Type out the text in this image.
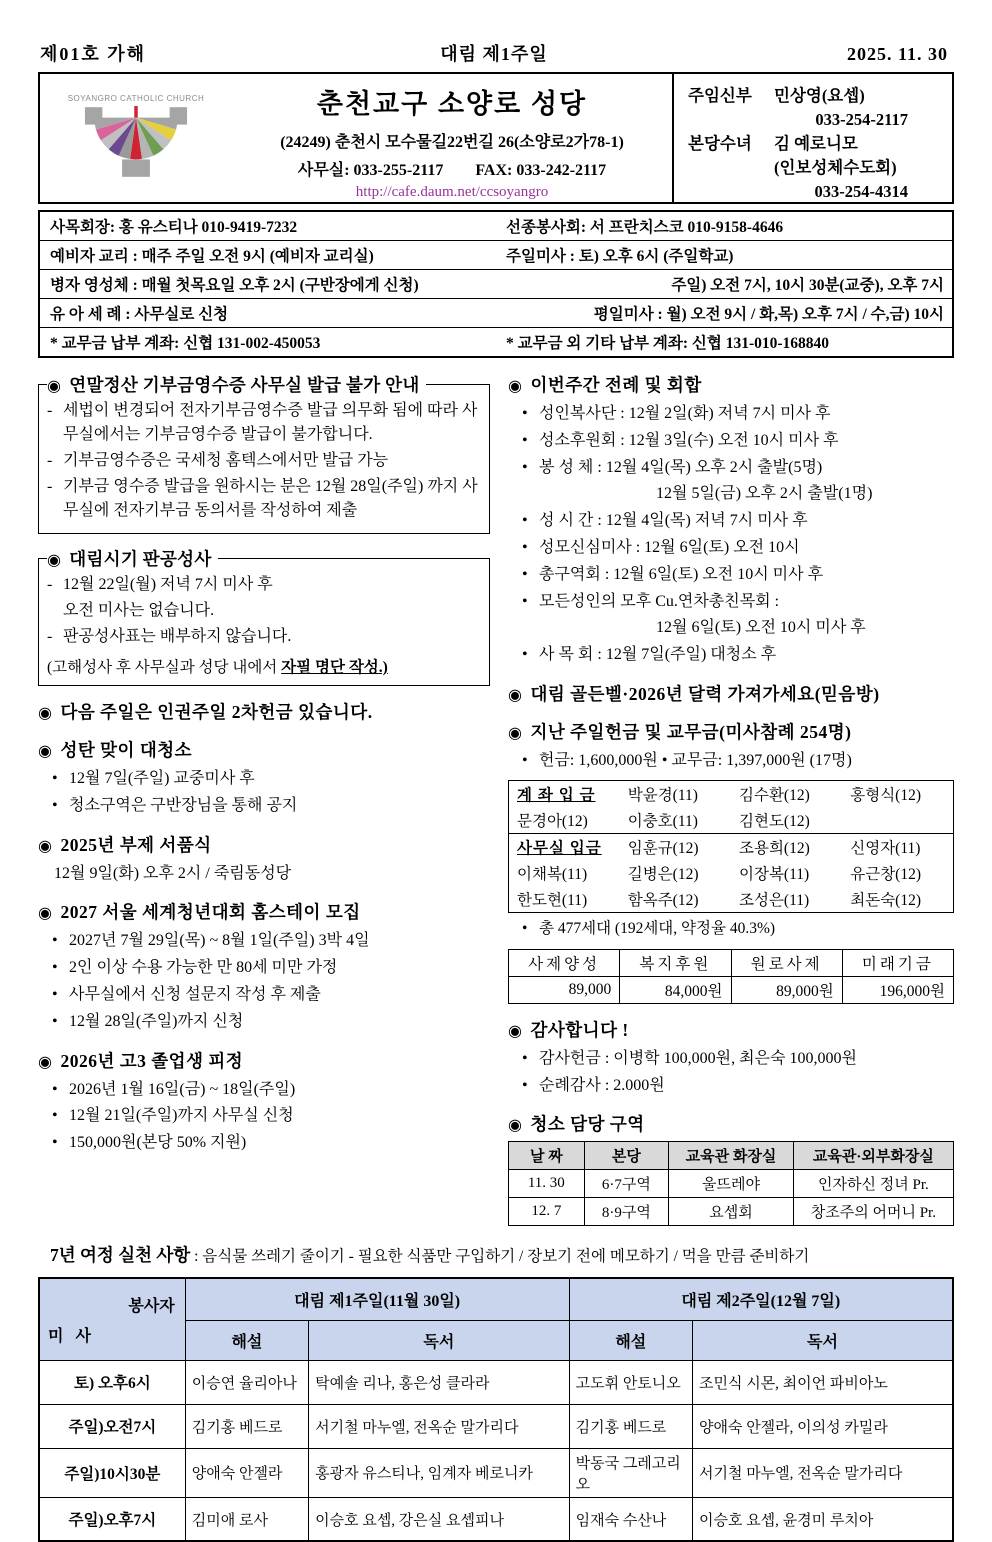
제01호 가해	대림 제1주일	2025. 11. 30
SOYANGRO CATHOLIC CHURCH	춘천교구 소양로 성당
(24249) 춘천시 모수물길22번길 26(소양로2가78-1)
사무실: 033-255-2117 FAX: 033-242-2117
http://cafe.daum.net/ccsoyangro
주임신부	민상영(요셉)
033-254-2117
본당수녀	김 예로니모
(인보성체수도회)
033-254-4314
사목회장: 홍 유스티나 010-9419-7232	선종봉사회: 서 프란치스코 010-9158-4646
예비자 교리 : 매주 주일 오전 9시 (예비자 교리실)	주일미사 : 토) 오후 6시 (주일학교)
병자 영성체 : 매월 첫목요일 오후 2시 (구반장에게 신청)	주일) 오전 7시, 10시 30분(교중), 오후 7시
유 아 세 례 : 사무실로 신청	평일미사 : 월) 오전 9시 / 화,목) 오후 7시 / 수,금) 10시
* 교무금 납부 계좌: 신협 131-002-450053	* 교무금 외 기타 납부 계좌: 신협 131-010-168840
◉ 연말정산 기부금영수증 사무실 발급 불가 안내
- 세법이 변경되어 전자기부금영수증 발급 의무화 됨에 따라 사무실에서는 기부금영수증 발급이 불가합니다.
- 기부금영수증은 국세청 홈텍스에서만 발급 가능
- 기부금 영수증 발급을 원하시는 분은 12월 28일(주일) 까지 사무실에 전자기부금 동의서를 작성하여 제출
◉ 대림시기 판공성사
- 12월 22일(월) 저녁 7시 미사 후
오전 미사는 없습니다.
- 판공성사표는 배부하지 않습니다.
(고해성사 후 사무실과 성당 내에서 자필 명단 작성.)
◉ 다음 주일은 인권주일 2차헌금 있습니다.
◉ 성탄 맞이 대청소
• 12월 7일(주일) 교중미사 후
• 청소구역은 구반장님을 통해 공지
◉ 2025년 부제 서품식
12월 9일(화) 오후 2시 / 죽림동성당
◉ 2027 서울 세계청년대회 홈스테이 모집
• 2027년 7월 29일(목) ~ 8월 1일(주일) 3박 4일
• 2인 이상 수용 가능한 만 80세 미만 가정
• 사무실에서 신청 설문지 작성 후 제출
• 12월 28일(주일)까지 신청
◉ 2026년 고3 졸업생 피정
• 2026년 1월 16일(금) ~ 18일(주일)
• 12월 21일(주일)까지 사무실 신청
• 150,000원(본당 50% 지원)
◉ 이번주간 전례 및 회합
• 성인복사단 : 12월 2일(화) 저녁 7시 미사 후
• 성소후원회 : 12월 3일(수) 오전 10시 미사 후
• 봉 성 체 : 12월 4일(목) 오후 2시 출발(5명)
12월 5일(금) 오후 2시 출발(1명)
• 성 시 간 : 12월 4일(목) 저녁 7시 미사 후
• 성모신심미사 : 12월 6일(토) 오전 10시
• 총구역회 : 12월 6일(토) 오전 10시 미사 후
• 모든성인의 모후 Cu.연차총친목회 :
12월 6일(토) 오전 10시 미사 후
• 사 목 회 : 12월 7일(주일) 대청소 후
◉ 대림 골든벨·2026년 달력 가져가세요(믿음방)
◉ 지난 주일헌금 및 교무금(미사참례 254명)
• 헌금: 1,600,000원 • 교무금: 1,397,000원 (17명)
계 좌 입 금	박윤경(11)	김수환(12)	홍형식(12)
문경아(12)	이충호(11)	김현도(12)	
사무실 입금	임훈규(12)	조용희(12)	신영자(11)
이채복(11)	길병은(12)	이장복(11)	유근창(12)
한도현(11)	함옥주(12)	조성은(11)	최돈숙(12)
• 총 477세대 (192세대, 약정율 40.3%)
사제양성	복지후원	원로사제	미래기금
89,000	84,000원	89,000원	196,000원
◉ 감사합니다 !
• 감사헌금 : 이병학 100,000원, 최은숙 100,000원
• 순례감사 : 2.000원
◉ 청소 담당 구역
날 짜	본당	교육관 화장실	교육관·외부화장실
11. 30	6·7구역	울뜨레야	인자하신 정녀 Pr.
12. 7	8·9구역	요셉회	창조주의 어머니 Pr.
7년 여정 실천 사항 : 음식물 쓰레기 줄이기 - 필요한 식품만 구입하기 / 장보기 전에 메모하기 / 먹을 만큼 준비하기
봉사자
미 사	대림 제1주일(11월 30일)		대림 제2주일(12월 7일)	
	해설	독서	해설	독서
토) 오후6시	이승연 율리아나	탁예솔 리나, 홍은성 클라라	고도휘 안토니오	조민식 시몬, 최이언 파비아노
주일)오전7시	김기홍 베드로	서기철 마누엘, 전옥순 말가리다	김기홍 베드로	양애숙 안젤라, 이의성 카밀라
주일)10시30분	양애숙 안젤라	홍광자 유스티나, 임계자 베로니카	박동국 그레고리오	서기철 마누엘, 전옥순 말가리다
주일)오후7시	김미애 로사	이승호 요셉, 강은실 요셉피나	임재숙 수산나	이승호 요셉, 윤경미 루치아
